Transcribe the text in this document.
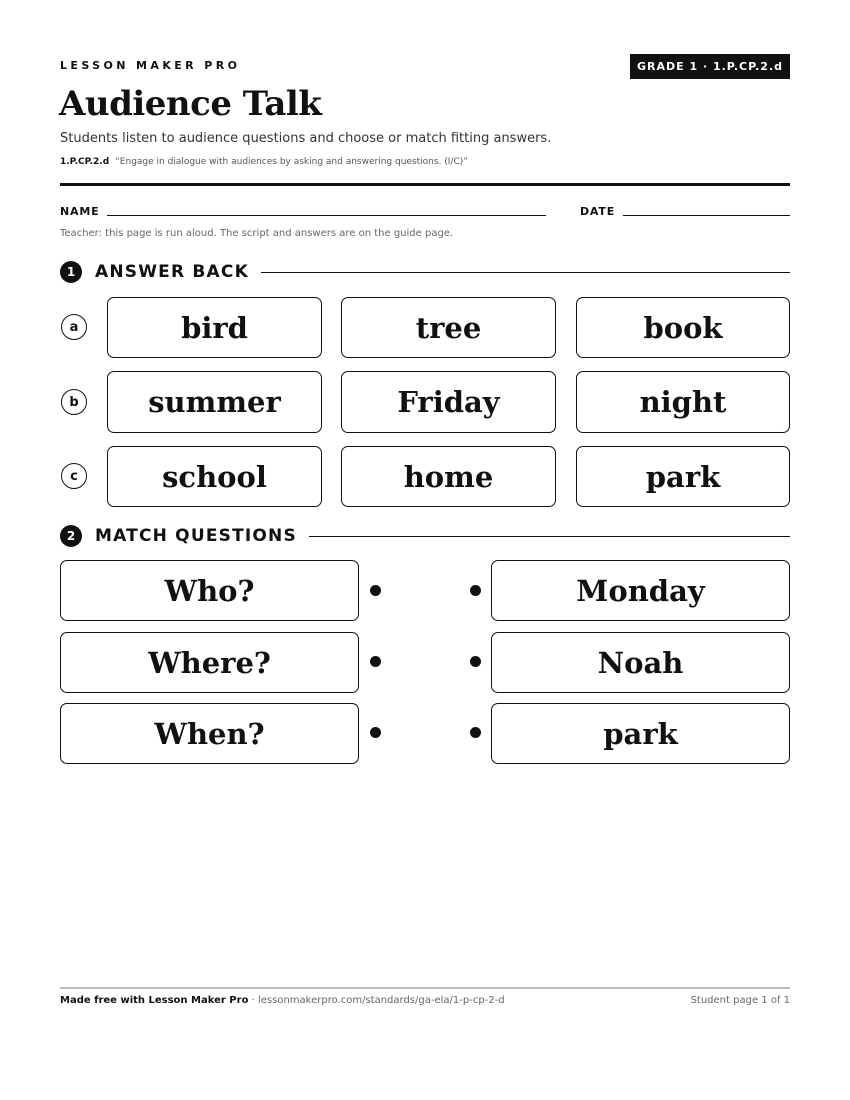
LESSON MAKER PRO	GRADE 1 · 1.P.CP.2.d
Audience Talk
Students listen to audience questions and choose or match fitting answers.
1.P.CP.2.d “Engage in dialogue with audiences by asking and answering questions. (I/C)”
NAME	DATE
Teacher: this page is run aloud. The script and answers are on the guide page.
1	ANSWER BACK
a	bird	tree	book
b	summer	Friday	night
c	school	home	park
2	MATCH QUESTIONS
Who?	Monday
Where?	Noah
When?	park
Made free with Lesson Maker Pro · lessonmakerpro.com/standards/ga-ela/1-p-cp-2-d	Student page 1 of 1
